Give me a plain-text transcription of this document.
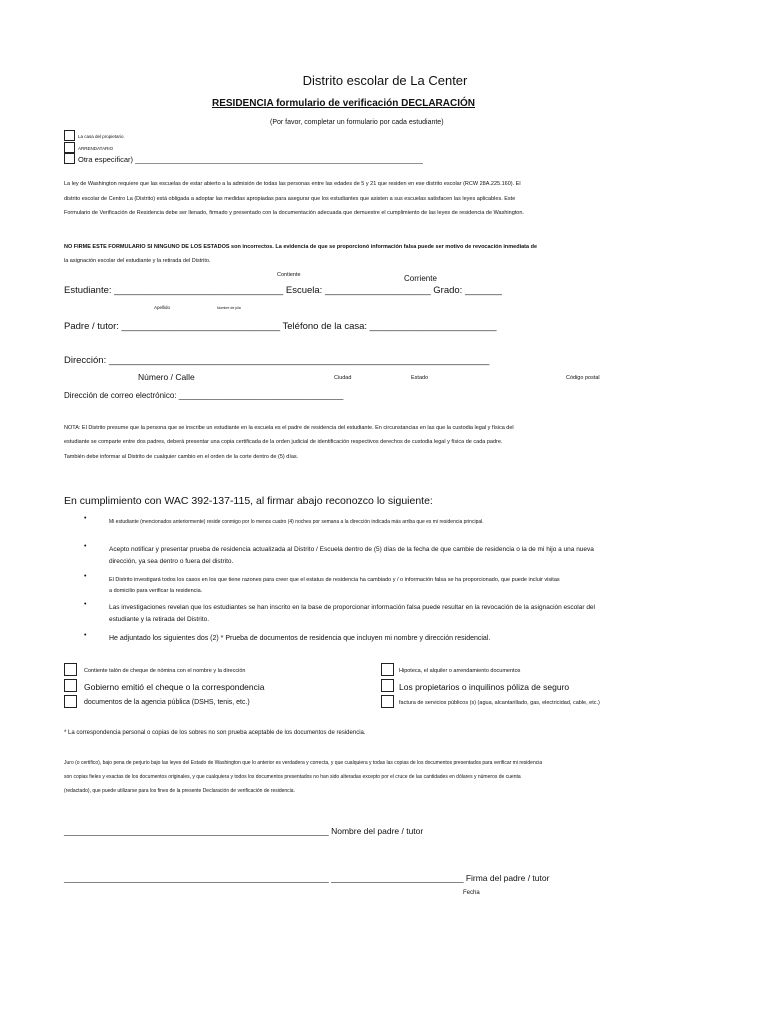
Distrito escolar de La Center
RESIDENCIA formulario de verificación DECLARACIÓN
(Por favor, completar un formulario por cada estudiante)
La casa del propietario
ARRENDATARIO
Otra especificar) _____________________________________________________________________
La ley de Washington requiere que las escuelas de estar abierto a la admisión de todas las personas entre las edades de 5 y 21 que residen en ese distrito escolar (RCW 28A.225.160). El
distrito escolar de Centro La (Distrito) está obligada a adoptar las medidas apropiadas para asegurar que los estudiantes que asisten a sus escuelas satisfacen las leyes aplicables. Este
Formulario de Verificación de Residencia debe ser llenado, firmado y presentado con la documentación adecuada que demuestre el cumplimiento de las leyes de residencia de Washington.
NO FIRME ESTE FORMULARIO SI NINGUNO DE LOS ESTADOS son incorrectos. La evidencia de que se proporcionó información falsa puede ser motivo de revocación inmediata de
la asignación escolar del estudiante y la retirada del Distrito.
Contiente	Corriente
Estudiante: ________________________________ Escuela: ____________________ Grado: _______
Apellido	Nombre de pila
Padre / tutor: ______________________________ Teléfono de la casa: ________________________
Dirección: ________________________________________________________________________
Número / Calle	Ciudad	Estado	Código postal
Dirección de correo electrónico: _____________________________________
NOTA: El Distrito presume que la persona que se inscribe un estudiante en la escuela es el padre de residencia del estudiante. En circunstancias en las que la custodia legal y física del
estudiante se comparte entre dos padres, deberá presentar una copia certificada de la orden judicial de identificación respectivos derechos de custodia legal y física de cada padre.
También debe informar al Distrito de cualquier cambio en el orden de la corte dentro de (5) días.
En cumplimiento con WAC 392-137-115, al firmar abajo reconozco lo siguiente:
•	Mi estudiante (mencionados anteriormente) reside conmigo por lo menos cuatro (4) noches por semana a la dirección indicada más arriba que es mi residencia principal.
•	Acepto notificar y presentar prueba de residencia actualizada al Distrito / Escuela dentro de (5) días de la fecha de que cambie de residencia o la de mi hijo a una nueva
dirección, ya sea dentro o fuera del distrito.
•	El Distrito investigará todos los casos en los que tiene razones para creer que el estatus de residencia ha cambiado y / o información falsa se ha proporcionado, que puede incluir visitas
a domicilio para verificar la residencia.
•	Las investigaciones revelan que los estudiantes se han inscrito en la base de proporcionar información falsa puede resultar en la revocación de la asignación escolar del
estudiante y la retirada del Distrito.
•	He adjuntado los siguientes dos (2) * Prueba de documentos de residencia que incluyen mi nombre y dirección residencial.
Contiente talón de cheque de nómina con el nombre y la dirección
Gobierno emitió el cheque o la correspondencia
documentos de la agencia pública (DSHS, tenis, etc.)
Hipoteca, el alquiler o arrendamiento documentos
Los propietarios o inquilinos póliza de seguro
factura de servicios públicos (s) (agua, alcantarillado, gas, electricidad, cable, etc.)
* La correspondencia personal o copias de los sobres no son prueba aceptable de los documentos de residencia.
Juro (o certifico), bajo pena de perjurio bajo las leyes del Estado de Washington que lo anterior es verdadera y correcta, y que cualquiera y todas las copias de los documentos presentados para verificar mi residencia
son copias fieles y exactas de los documentos originales, y que cualquiera y todos los documentos presentados no han sido alteradas excepto por el cruce de las cantidades en dólares y números de cuenta
(redactado), que puede utilizarse para los fines de la presente Declaración de verificación de residencia.
________________________________________________________ Nombre del padre / tutor
________________________________________________________ ____________________________ Firma del padre / tutor
Fecha
